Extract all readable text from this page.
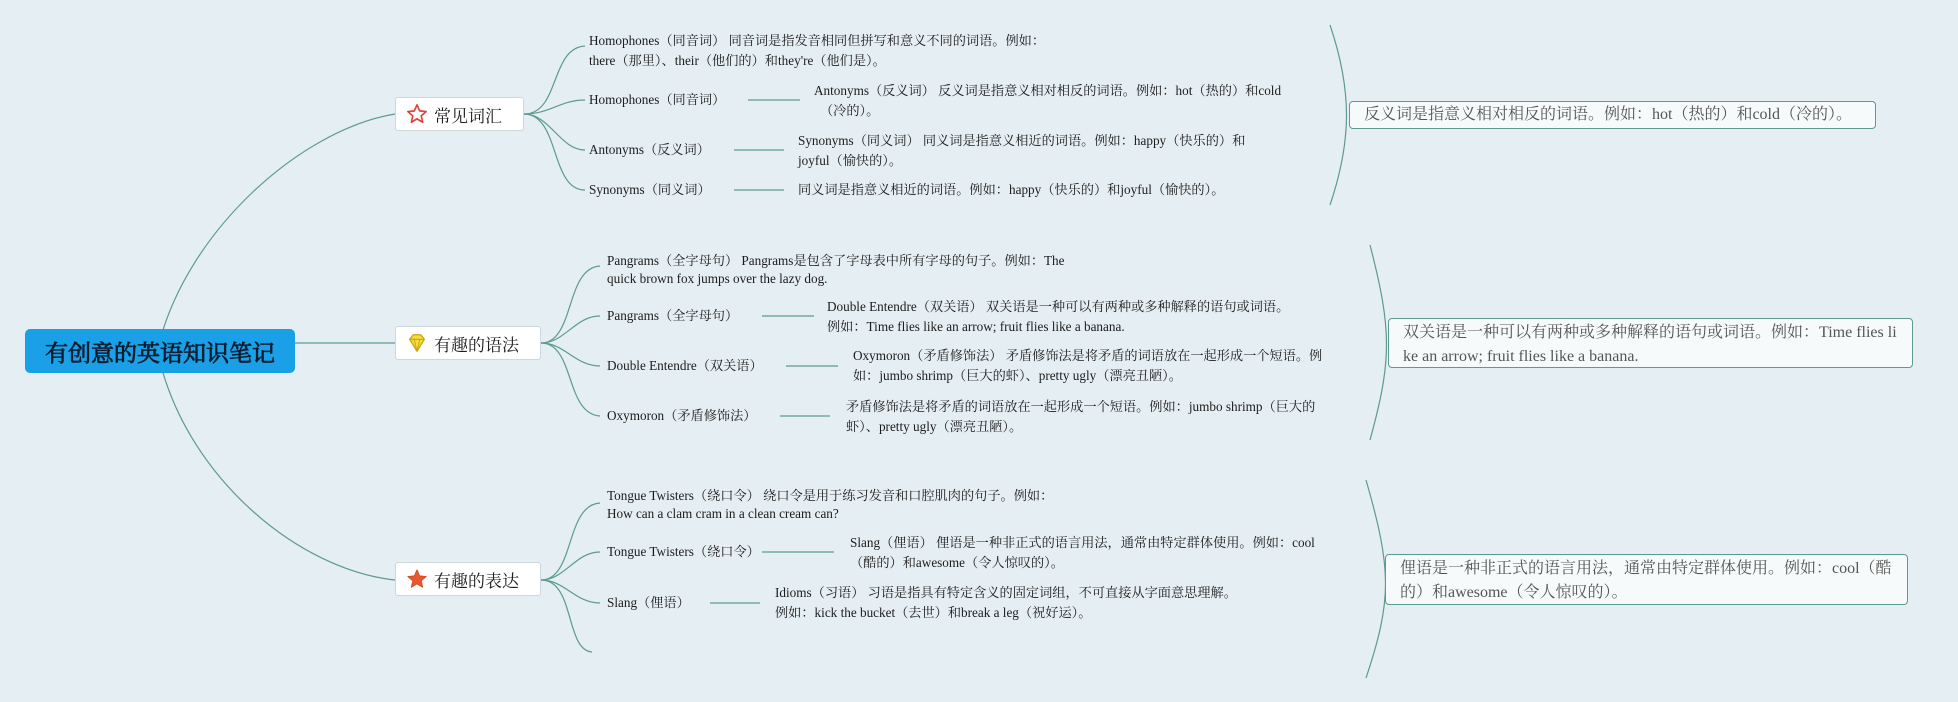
有创意的英语知识笔记
常见词汇
Homophones（同音词） 同音词是指发音相同但拼写和意义不同的词语。例如：
there（那里）、their（他们的）和they're（他们是）。
Homophones（同音词）
Antonyms（反义词） 反义词是指意义相对相反的词语。例如：hot（热的）和cold
（冷的）。
Antonyms（反义词）
Synonyms（同义词） 同义词是指意义相近的词语。例如：happy（快乐的）和
joyful（愉快的）。
Synonyms（同义词）	同义词是指意义相近的词语。例如：happy（快乐的）和joyful（愉快的）。
反义词是指意义相对相反的词语。例如：hot（热的）和cold（冷的）。
有趣的语法
Pangrams（全字母句） Pangrams是包含了字母表中所有字母的句子。例如：The
quick brown fox jumps over the lazy dog.
Pangrams（全字母句）
Double Entendre（双关语） 双关语是一种可以有两种或多种解释的语句或词语。
例如：Time flies like an arrow; fruit flies like a banana.
Double Entendre（双关语）
Oxymoron（矛盾修饰法） 矛盾修饰法是将矛盾的词语放在一起形成一个短语。例
如：jumbo shrimp（巨大的虾）、pretty ugly（漂亮丑陋）。
Oxymoron（矛盾修饰法）
矛盾修饰法是将矛盾的词语放在一起形成一个短语。例如：jumbo shrimp（巨大的
虾）、pretty ugly（漂亮丑陋）。
双关语是一种可以有两种或多种解释的语句或词语。例如：Time flies li
ke an arrow; fruit flies like a banana.
有趣的表达
Tongue Twisters（绕口令） 绕口令是用于练习发音和口腔肌肉的句子。例如：
How can a clam cram in a clean cream can?
Tongue Twisters（绕口令）
Slang（俚语） 俚语是一种非正式的语言用法，通常由特定群体使用。例如：cool
（酷的）和awesome（令人惊叹的）。
Slang（俚语）
Idioms（习语） 习语是指具有特定含义的固定词组，不可直接从字面意思理解。
例如：kick the bucket（去世）和break a leg（祝好运）。
俚语是一种非正式的语言用法，通常由特定群体使用。例如：cool（酷
的）和awesome（令人惊叹的）。
